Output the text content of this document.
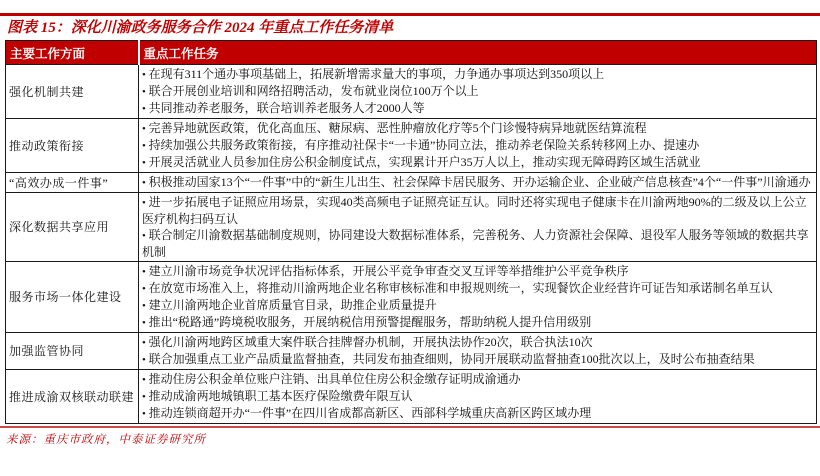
图表 15：深化川渝政务服务合作 2024 年重点工作任务清单
主要工作方面	重点工作任务
强化机制共建	• 在现有311个通办事项基础上，拓展新增需求量大的事项，力争通办事项达到350项以上
• 联合开展创业培训和网络招聘活动，发布就业岗位100万个以上
• 共同推动养老服务，联合培训养老服务人才2000人等

推动政策衔接	• 完善异地就医政策，优化高血压、糖尿病、恶性肿瘤放化疗等5个门诊慢特病异地就医结算流程
• 持续加强公共服务政策衔接，有序推动社保卡“一卡通”协同立法，推动养老保险关系转移网上办、提速办
• 开展灵活就业人员参加住房公积金制度试点，实现累计开户35万人以上，推动实现无障碍跨区域生活就业

“高效办成一件事”	• 积极推动国家13个“一件事”中的“新生儿出生、社会保障卡居民服务、开办运输企业、企业破产信息核查”4个“一件事”川渝通办

深化数据共享应用	• 进一步拓展电子证照应用场景，实现40类高频电子证照亮证互认。同时还将实现电子健康卡在川渝两地90%的二级及以上公立医疗机构扫码互认
• 联合制定川渝数据基础制度规则，协同建设大数据标准体系，完善税务、人力资源社会保障、退役军人服务等领域的数据共享机制

服务市场一体化建设	• 建立川渝市场竞争状况评估指标体系，开展公平竞争审查交叉互评等举措维护公平竞争秩序
• 在放宽市场准入上，将推动川渝两地企业名称审核标准和申报规则统一，实现餐饮企业经营许可证告知承诺制名单互认
• 建立川渝两地企业首席质量官目录，助推企业质量提升
• 推出“税路通”跨境税收服务，开展纳税信用预警提醒服务，帮助纳税人提升信用级别

加强监管协同	• 强化川渝两地跨区域重大案件联合挂牌督办机制，开展执法协作20次，联合执法10次
• 联合加强重点工业产品质量监督抽查，共同发布抽查细则，协同开展联动监督抽查100批次以上，及时公布抽查结果

推进成渝双核联动联建	• 推动住房公积金单位账户注销、出具单位住房公积金缴存证明成渝通办
• 推动成渝两地城镇职工基本医疗保险缴费年限互认
• 推动连锁商超开办“一件事”在四川省成都高新区、西部科学城重庆高新区跨区域办理
来源：重庆市政府，中泰证券研究所
